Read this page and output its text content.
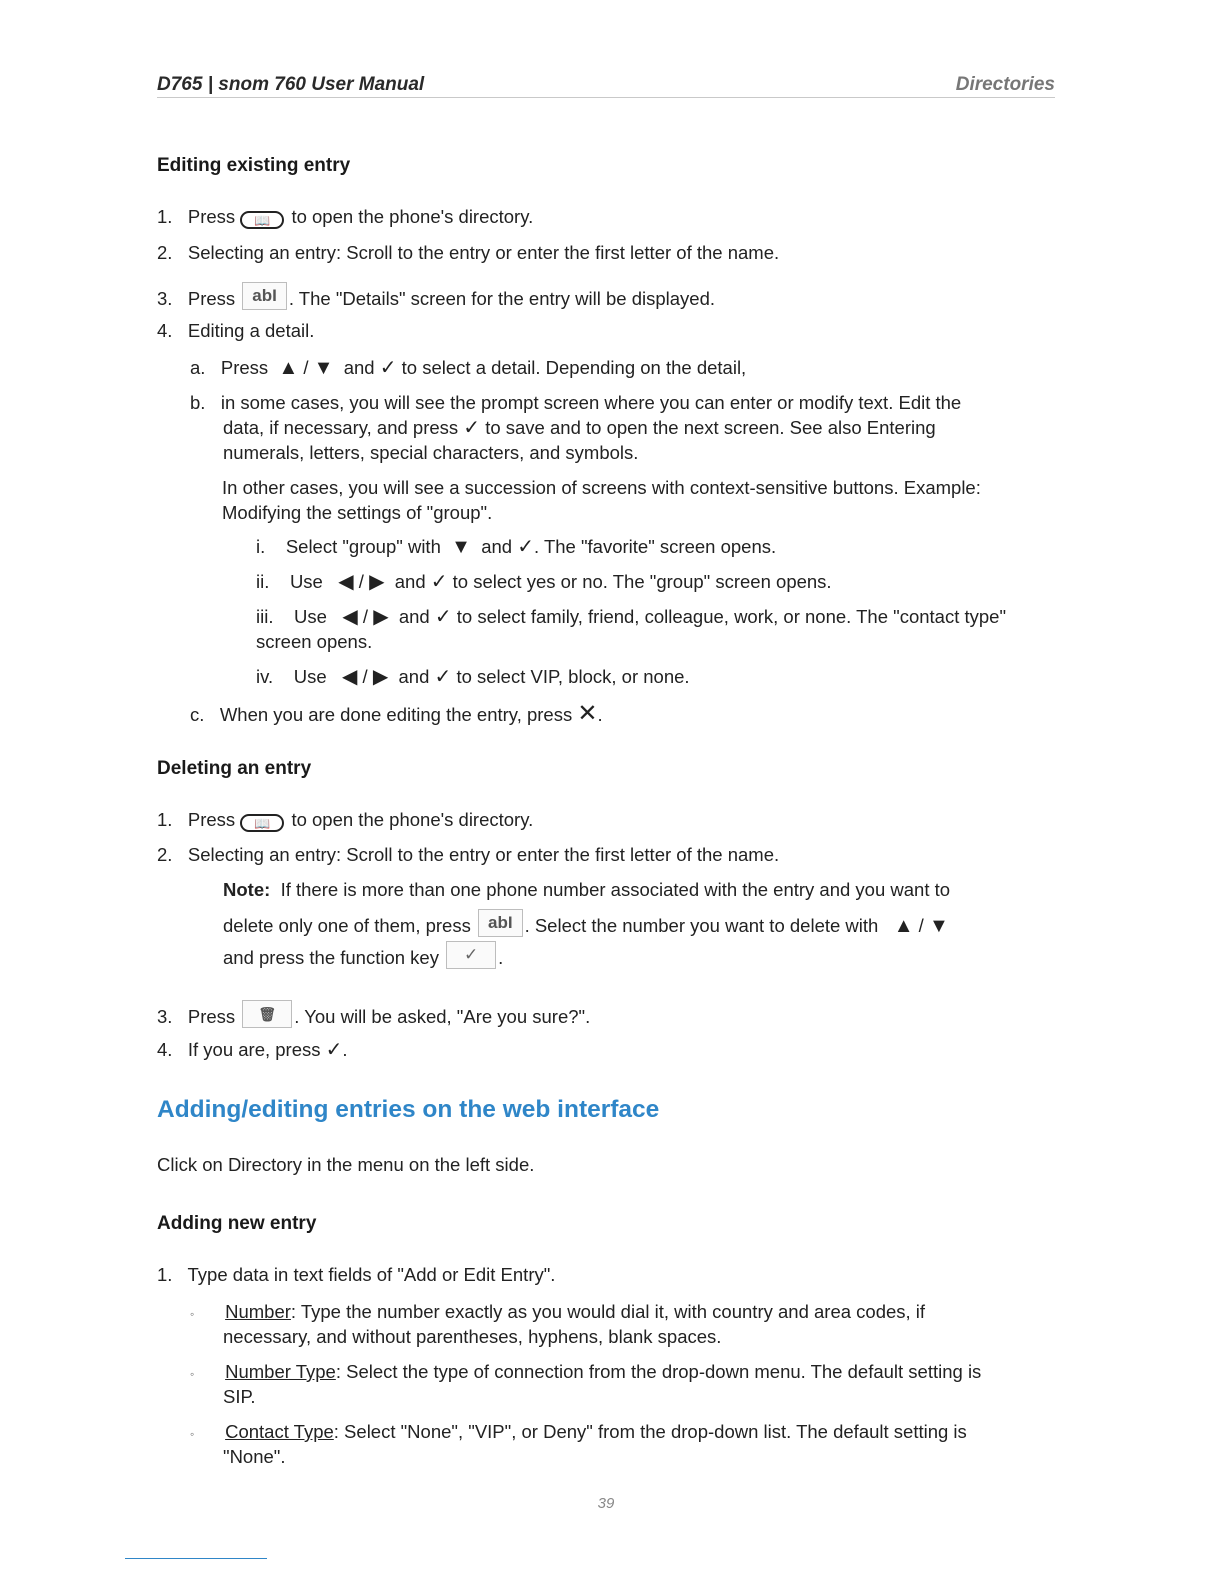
D765 | snom 760 User Manual	Directories
Editing existing entry
1. Press 📖 to open the phone's directory.
2. Selecting an entry: Scroll to the entry or enter the first letter of the name.
3. Press abI . The "Details" screen for the entry will be displayed.
4. Editing a detail.
a. Press ▲ / ▼ and ✓ to select a detail. Depending on the detail,
b. in some cases, you will see the prompt screen where you can enter or modify text. Edit the
data, if necessary, and press ✓ to save and to open the next screen. See also Entering
numerals, letters, special characters, and symbols.
In other cases, you will see a succession of screens with context-sensitive buttons. Example:
Modifying the settings of "group".
i. Select "group" with ▼ and ✓. The "favorite" screen opens.
ii. Use ◀ / ▶ and ✓ to select yes or no. The "group" screen opens.
iii. Use ◀ / ▶ and ✓ to select family, friend, colleague, work, or none. The "contact type"
screen opens.
iv. Use ◀ / ▶ and ✓ to select VIP, block, or none.
c. When you are done editing the entry, press ✕.
Deleting an entry
1. Press 📖 to open the phone's directory.
2. Selecting an entry: Scroll to the entry or enter the first letter of the name.
Note: If there is more than one phone number associated with the entry and you want to
delete only one of them, press abI . Select the number you want to delete with ▲ / ▼
and press the function key ✓ .
3. Press 🗑 . You will be asked, "Are you sure?".
4. If you are, press ✓.
Adding/editing entries on the web interface
Click on Directory in the menu on the left side.
Adding new entry
1. Type data in text fields of "Add or Edit Entry".
◦ Number: Type the number exactly as you would dial it, with country and area codes, if
necessary, and without parentheses, hyphens, blank spaces.
◦ Number Type: Select the type of connection from the drop-down menu. The default setting is
SIP.
◦ Contact Type: Select "None", "VIP", or Deny" from the drop-down list. The default setting is
"None".
39
